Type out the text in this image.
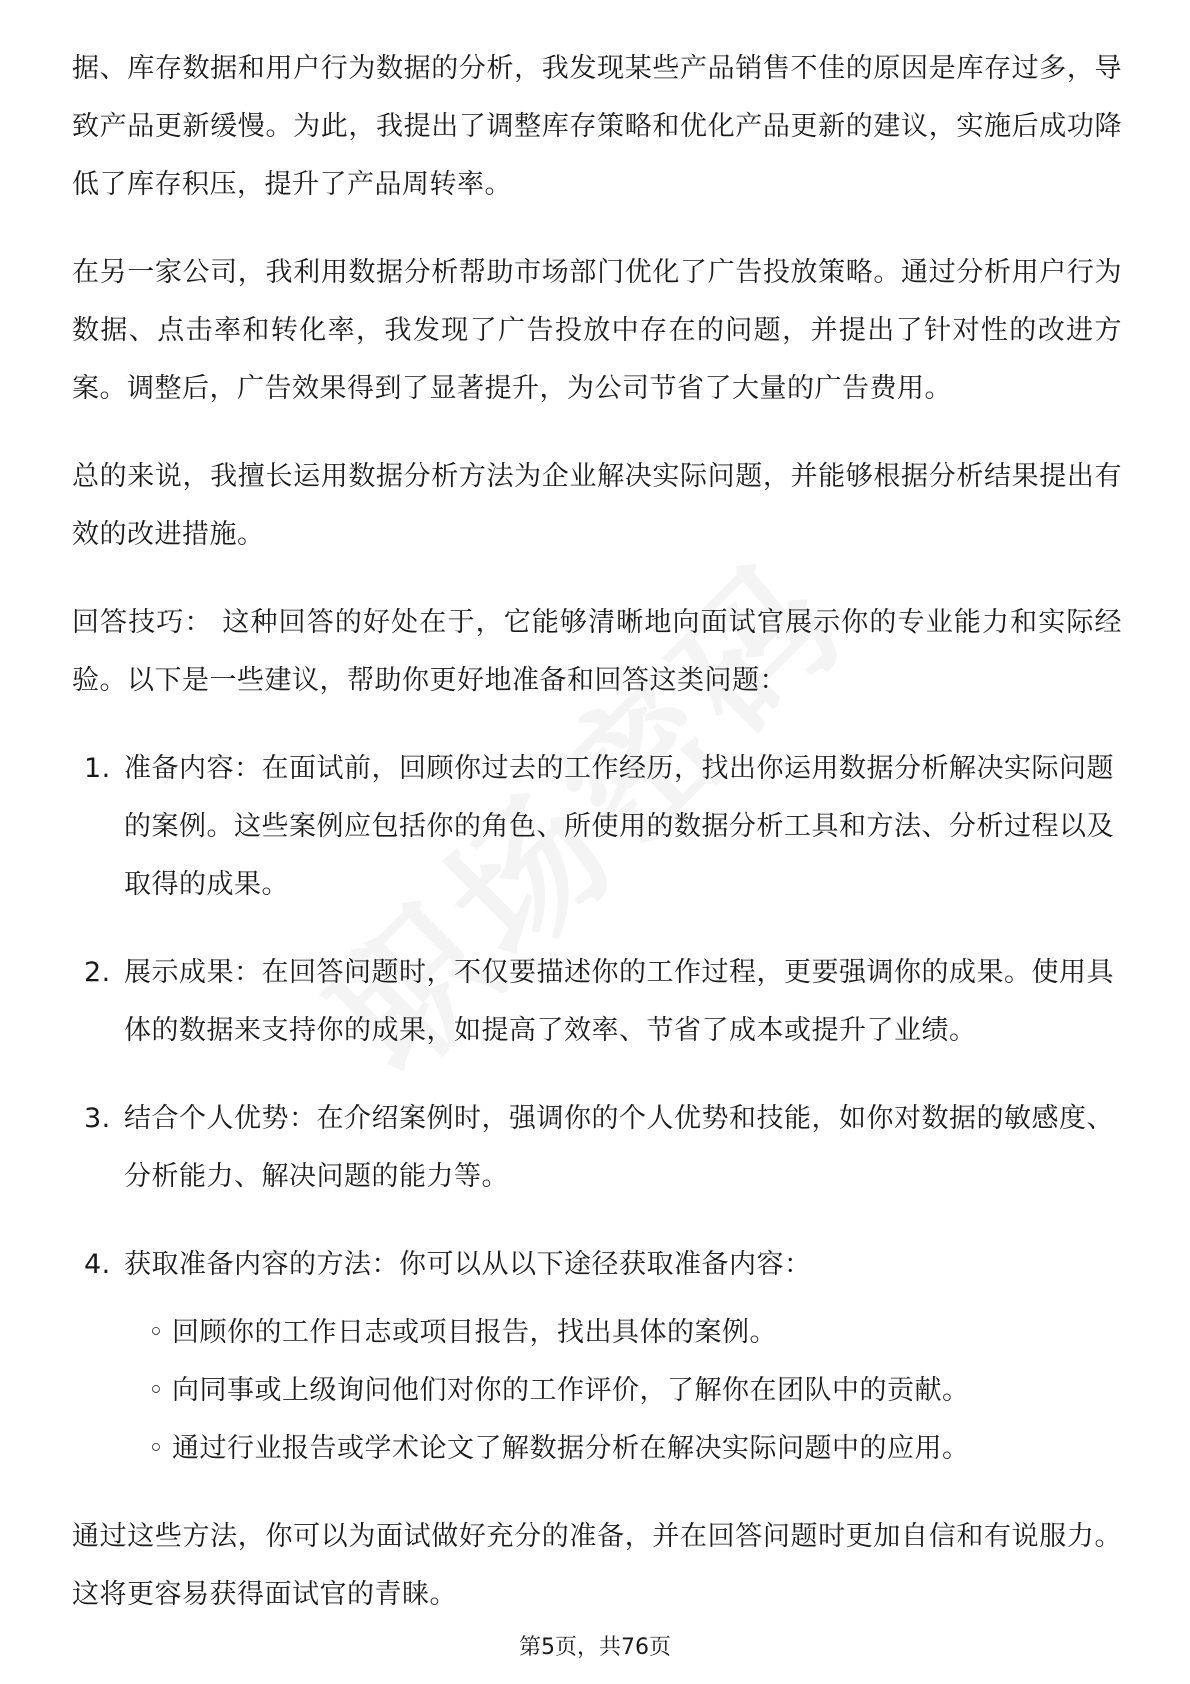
据、库存数据和用户行为数据的分析，我发现某些产品销售不佳的原因是库存过多，导致产品更新缓慢。为此，我提出了调整库存策略和优化产品更新的建议，实施后成功降低了库存积压，提升了产品周转率。

在另一家公司，我利用数据分析帮助市场部门优化了广告投放策略。通过分析用户行为数据、点击率和转化率，我发现了广告投放中存在的问题，并提出了针对性的改进方案。调整后，广告效果得到了显著提升，为公司节省了大量的广告费用。

总的来说，我擅长运用数据分析方法为企业解决实际问题，并能够根据分析结果提出有效的改进措施。

回答技巧： 这种回答的好处在于，它能够清晰地向面试官展示你的专业能力和实际经验。以下是一些建议，帮助你更好地准备和回答这类问题：

1. 准备内容：在面试前，回顾你过去的工作经历，找出你运用数据分析解决实际问题的案例。这些案例应包括你的角色、所使用的数据分析工具和方法、分析过程以及取得的成果。
2. 展示成果：在回答问题时，不仅要描述你的工作过程，更要强调你的成果。使用具体的数据来支持你的成果，如提高了效率、节省了成本或提升了业绩。
3. 结合个人优势：在介绍案例时，强调你的个人优势和技能，如你对数据的敏感度、分析能力、解决问题的能力等。
4. 获取准备内容的方法：你可以从以下途径获取准备内容：
◦ 回顾你的工作日志或项目报告，找出具体的案例。
◦ 向同事或上级询问他们对你的工作评价，了解你在团队中的贡献。
◦ 通过行业报告或学术论文了解数据分析在解决实际问题中的应用。

通过这些方法，你可以为面试做好充分的准备，并在回答问题时更加自信和有说服力。这将更容易获得面试官的青睐。

第5页，共76页
